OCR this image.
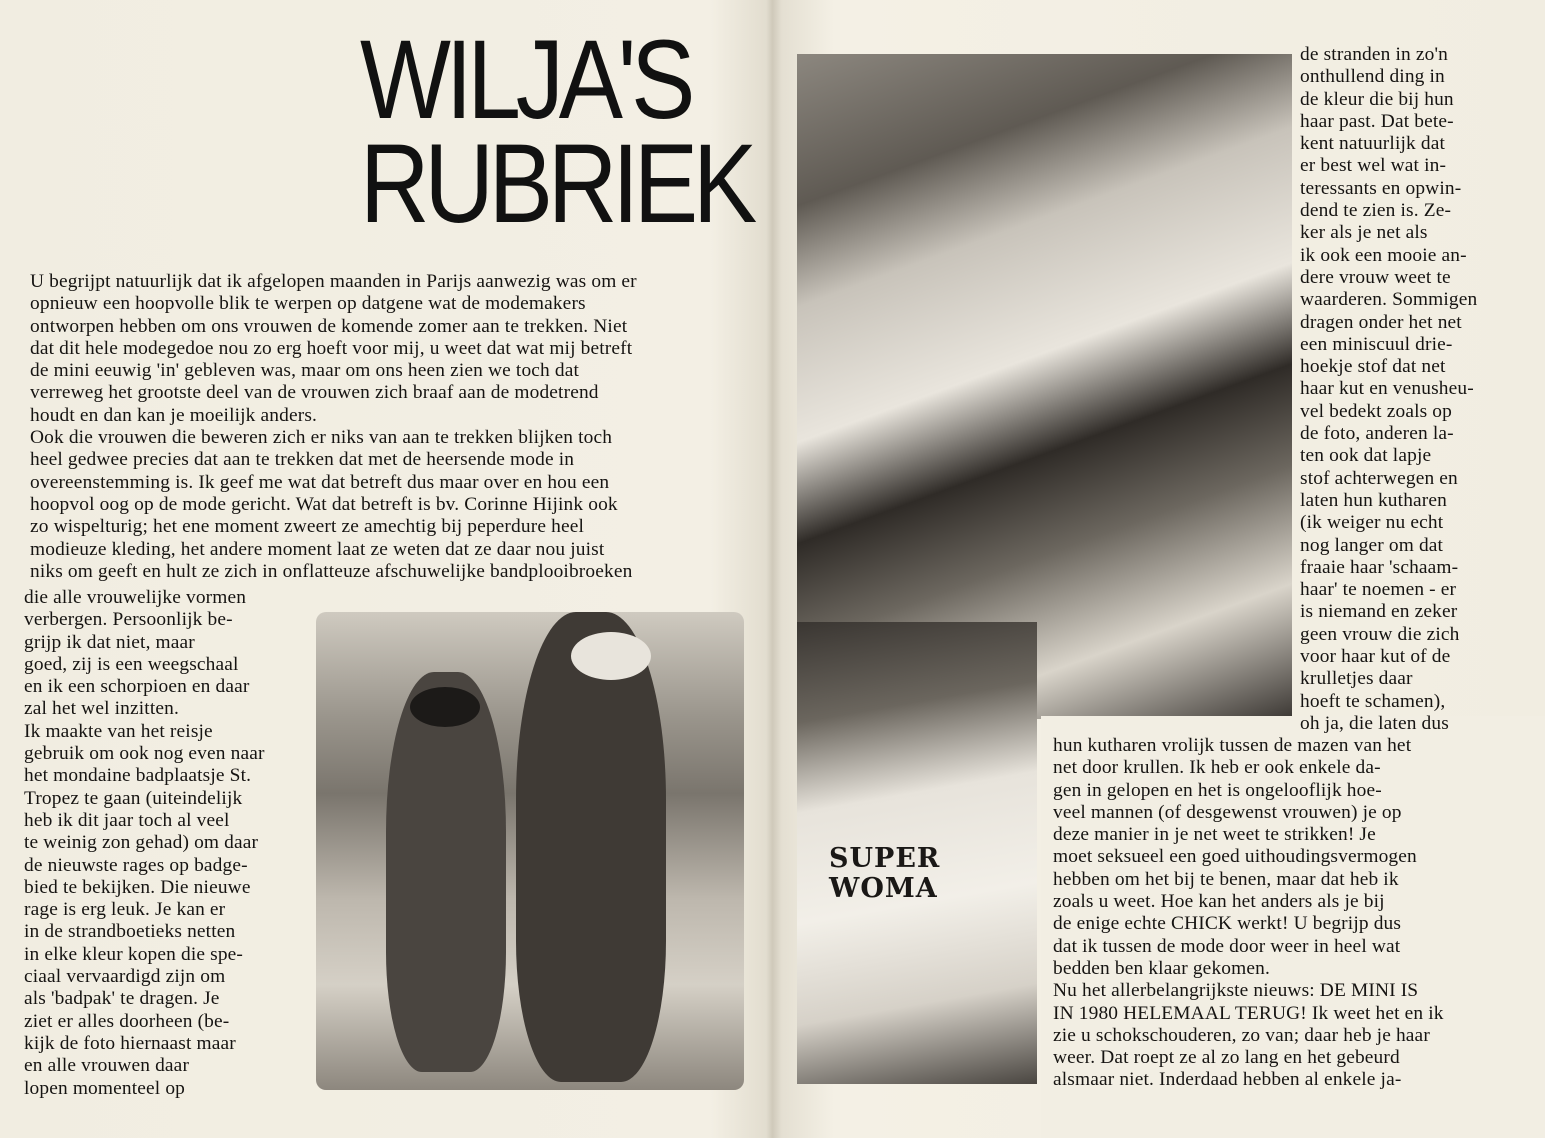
WILJA'S
RUBRIEK
U begrijpt natuurlijk dat ik afgelopen maanden in Parijs aanwezig was om er
opnieuw een hoopvolle blik te werpen op datgene wat de modemakers
ontworpen hebben om ons vrouwen de komende zomer aan te trekken. Niet
dat dit hele modegedoe nou zo erg hoeft voor mij, u weet dat wat mij betreft
de mini eeuwig 'in' gebleven was, maar om ons heen zien we toch dat
verreweg het grootste deel van de vrouwen zich braaf aan de modetrend
houdt en dan kan je moeilijk anders.
Ook die vrouwen die beweren zich er niks van aan te trekken blijken toch
heel gedwee precies dat aan te trekken dat met de heersende mode in
overeenstemming is. Ik geef me wat dat betreft dus maar over en hou een
hoopvol oog op de mode gericht. Wat dat betreft is bv. Corinne Hijink ook
zo wispelturig; het ene moment zweert ze amechtig bij peperdure heel
modieuze kleding, het andere moment laat ze weten dat ze daar nou juist
niks om geeft en hult ze zich in onflatteuze afschuwelijke bandplooibroeken
die alle vrouwelijke vormen
verbergen. Persoonlijk be-
grijp ik dat niet, maar
goed, zij is een weegschaal
en ik een schorpioen en daar
zal het wel inzitten.
Ik maakte van het reisje
gebruik om ook nog even naar
het mondaine badplaatsje St.
Tropez te gaan (uiteindelijk
heb ik dit jaar toch al veel
te weinig zon gehad) om daar
de nieuwste rages op badge-
bied te bekijken. Die nieuwe
rage is erg leuk. Je kan er
in de strandboetieks netten
in elke kleur kopen die spe-
ciaal vervaardigd zijn om
als 'badpak' te dragen. Je
ziet er alles doorheen (be-
kijk de foto hiernaast maar
en alle vrouwen daar
lopen momenteel op
SUPER
WOMA
de stranden in zo'n
onthullend ding in
de kleur die bij hun
haar past. Dat bete-
kent natuurlijk dat
er best wel wat in-
teressants en opwin-
dend te zien is. Ze-
ker als je net als
ik ook een mooie an-
dere vrouw weet te
waarderen. Sommigen
dragen onder het net
een miniscuul drie-
hoekje stof dat net
haar kut en venusheu-
vel bedekt zoals op
de foto, anderen la-
ten ook dat lapje
stof achterwegen en
laten hun kutharen
(ik weiger nu echt
nog langer om dat
fraaie haar 'schaam-
haar' te noemen - er
is niemand en zeker
geen vrouw die zich
voor haar kut of de
krulletjes daar
hoeft te schamen),
oh ja, die laten dus
hun kutharen vrolijk tussen de mazen van het
net door krullen. Ik heb er ook enkele da-
gen in gelopen en het is ongelooflijk hoe-
veel mannen (of desgewenst vrouwen) je op
deze manier in je net weet te strikken! Je
moet seksueel een goed uithoudingsvermogen
hebben om het bij te benen, maar dat heb ik
zoals u weet. Hoe kan het anders als je bij
de enige echte CHICK werkt! U begrijp dus
dat ik tussen de mode door weer in heel wat
bedden ben klaar gekomen.
Nu het allerbelangrijkste nieuws: DE MINI IS
IN 1980 HELEMAAL TERUG! Ik weet het en ik
zie u schokschouderen, zo van; daar heb je haar
weer. Dat roept ze al zo lang en het gebeurd
alsmaar niet. Inderdaad hebben al enkele ja-
